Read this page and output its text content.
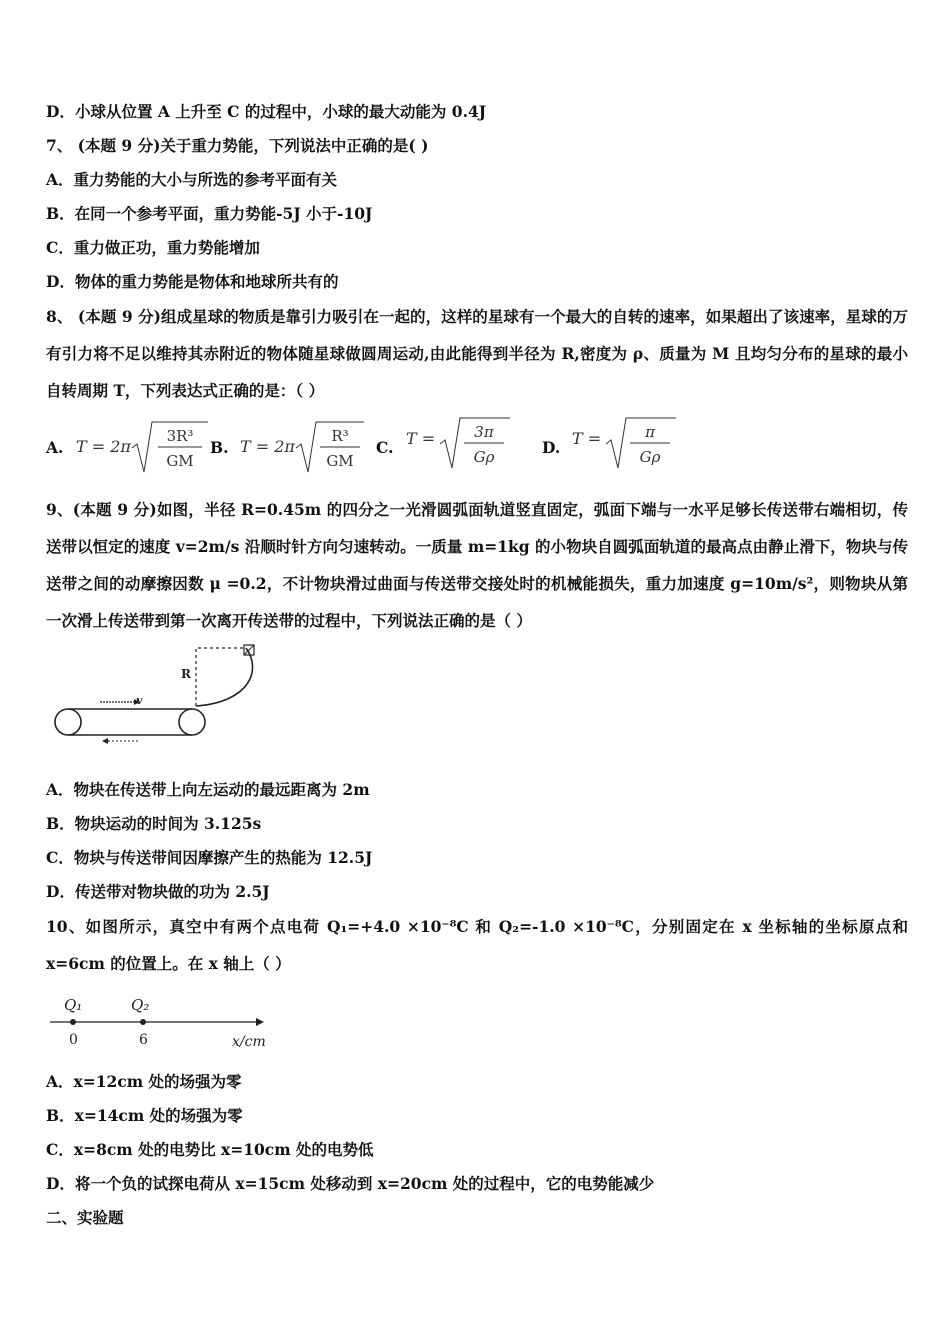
D．小球从位置 A 上升至 C 的过程中，小球的最大动能为 0.4J
7、 (本题 9 分)关于重力势能，下列说法中正确的是( )
A．重力势能的大小与所选的参考平面有关
B．在同一个参考平面，重力势能-5J 小于-10J
C．重力做正功，重力势能增加
D．物体的重力势能是物体和地球所共有的
8、 (本题 9 分)组成星球的物质是靠引力吸引在一起的，这样的星球有一个最大的自转的速率，如果超出了该速率，星球的万有引力将不足以维持其赤附近的物体随星球做圆周运动,由此能得到半径为 R,密度为 ρ、质量为 M 且均匀分布的星球的最小自转周期 T，下列表达式正确的是：（ ）
A. T = 2π
3R³
GM
B. T = 2π
R³
GM
C. T =	3π
Gρ	D. T =	π
Gρ
9、(本题 9 分)如图，半径 R=0.45m 的四分之一光滑圆弧面轨道竖直固定，弧面下端与一水平足够长传送带右端相切，传送带以恒定的速度 v=2m/s 沿顺时针方向匀速转动。一质量 m=1kg 的小物块自圆弧面轨道的最高点由静止滑下，物块与传送带之间的动摩擦因数 μ =0.2，不计物块滑过曲面与传送带交接处时的机械能损失，重力加速度 g=10m/s²，则物块从第一次滑上传送带到第一次离开传送带的过程中，下列说法正确的是（ ）
R
v
A．物块在传送带上向左运动的最远距离为 2m
B．物块运动的时间为 3.125s
C．物块与传送带间因摩擦产生的热能为 12.5J
D．传送带对物块做的功为 2.5J
10、如图所示，真空中有两个点电荷 Q₁=+4.0 ×10⁻⁸C 和 Q₂=-1.0 ×10⁻⁸C，分别固定在 x 坐标轴的坐标原点和 x=6cm 的位置上。在 x 轴上（ ）
Q₁	Q₂
0	6	x/cm
A．x=12cm 处的场强为零
B．x=14cm 处的场强为零
C．x=8cm 处的电势比 x=10cm 处的电势低
D．将一个负的试探电荷从 x=15cm 处移动到 x=20cm 处的过程中，它的电势能减少
二、实验题
